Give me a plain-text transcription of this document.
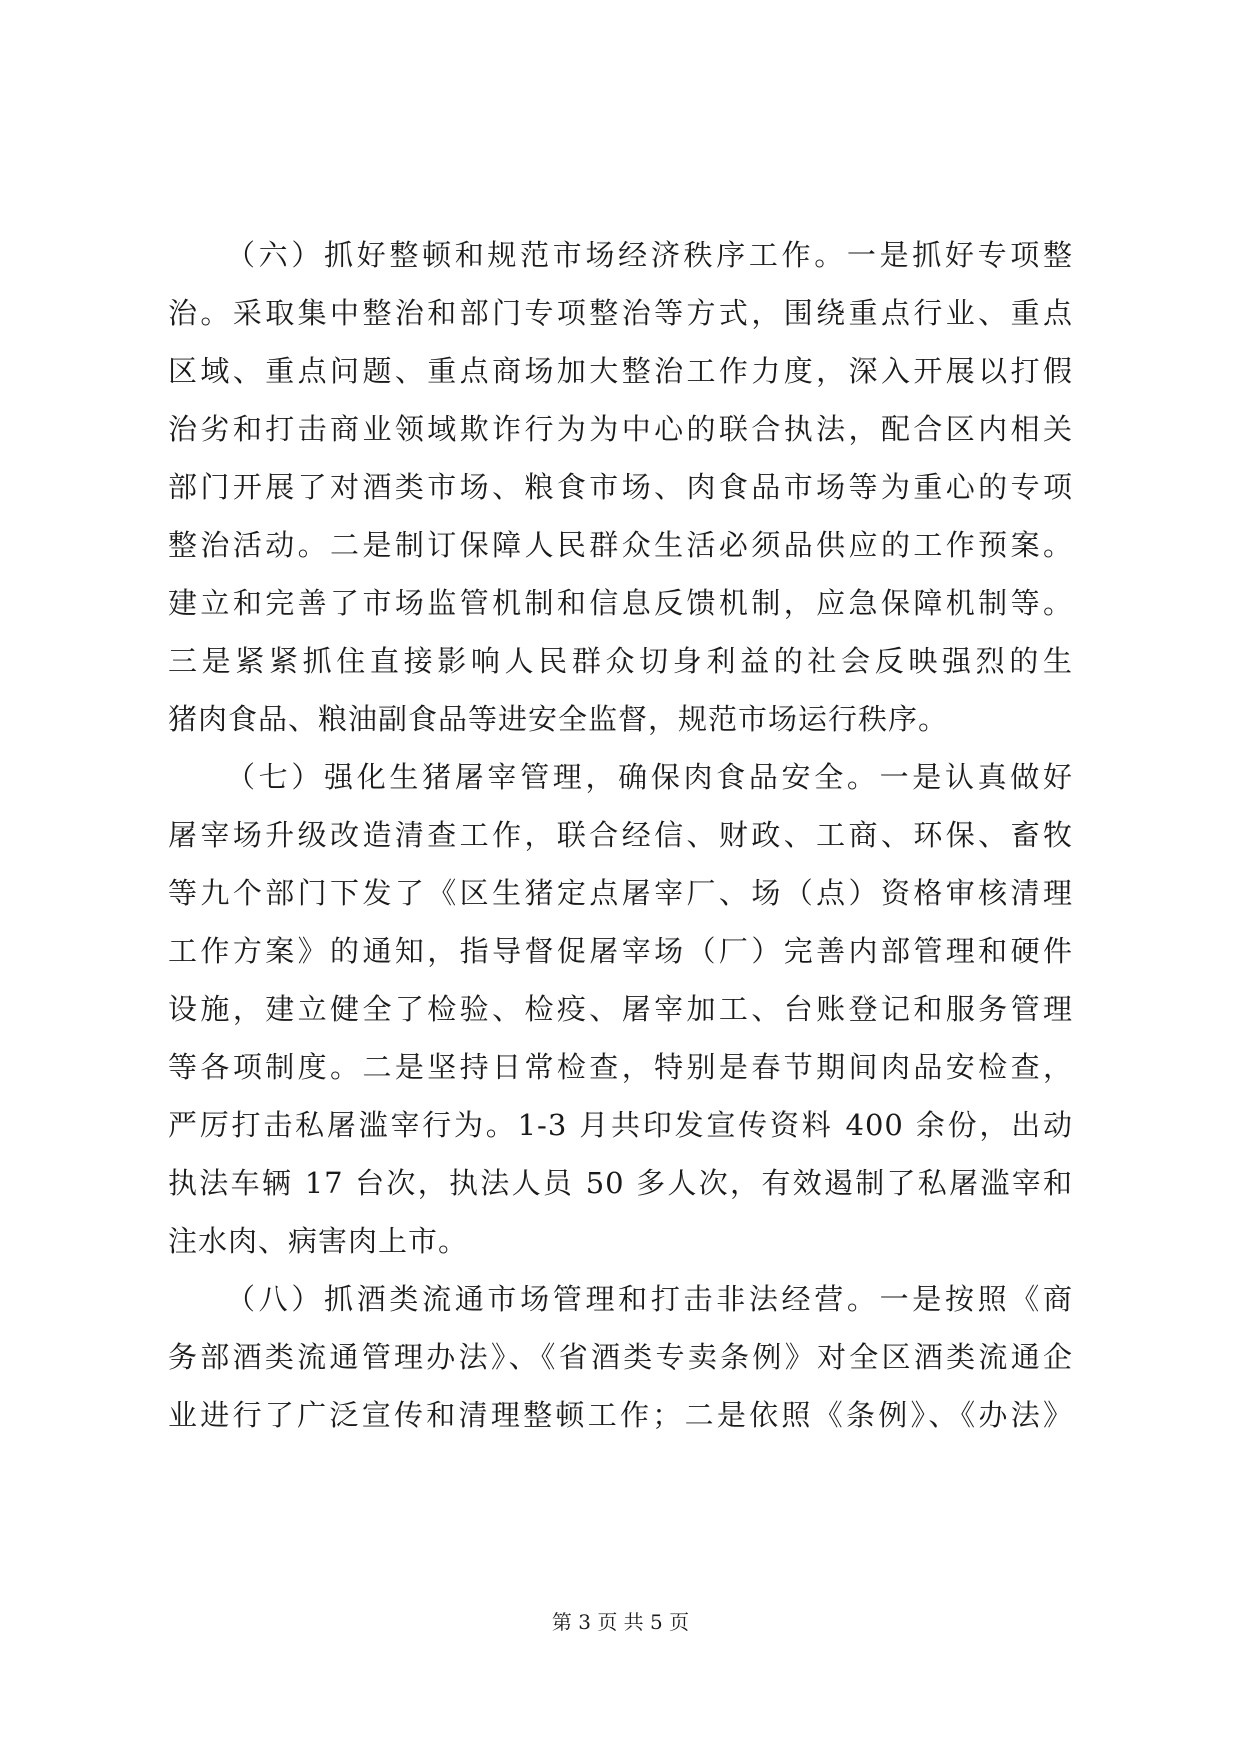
（六）抓好整顿和规范市场经济秩序工作。一是抓好专项整
治。采取集中整治和部门专项整治等方式，围绕重点行业、重点
区域、重点问题、重点商场加大整治工作力度，深入开展以打假
治劣和打击商业领域欺诈行为为中心的联合执法，配合区内相关
部门开展了对酒类市场、粮食市场、肉食品市场等为重心的专项
整治活动。二是制订保障人民群众生活必须品供应的工作预案。
建立和完善了市场监管机制和信息反馈机制，应急保障机制等。
三是紧紧抓住直接影响人民群众切身利益的社会反映强烈的生
猪肉食品、粮油副食品等进安全监督，规范市场运行秩序。
（七）强化生猪屠宰管理，确保肉食品安全。一是认真做好
屠宰场升级改造清查工作，联合经信、财政、工商、环保、畜牧
等九个部门下发了《区生猪定点屠宰厂、场（点）资格审核清理
工作方案》的通知，指导督促屠宰场（厂）完善内部管理和硬件
设施，建立健全了检验、检疫、屠宰加工、台账登记和服务管理
等各项制度。二是坚持日常检查，特别是春节期间肉品安检查，
严厉打击私屠滥宰行为。1-3 月共印发宣传资料 400 余份，出动
执法车辆 17 台次，执法人员 50 多人次，有效遏制了私屠滥宰和
注水肉、病害肉上市。
（八）抓酒类流通市场管理和打击非法经营。一是按照《商
务部酒类流通管理办法》、《省酒类专卖条例》对全区酒类流通企
业进行了广泛宣传和清理整顿工作；二是依照《条例》、《办法》
第 3 页 共 5 页
